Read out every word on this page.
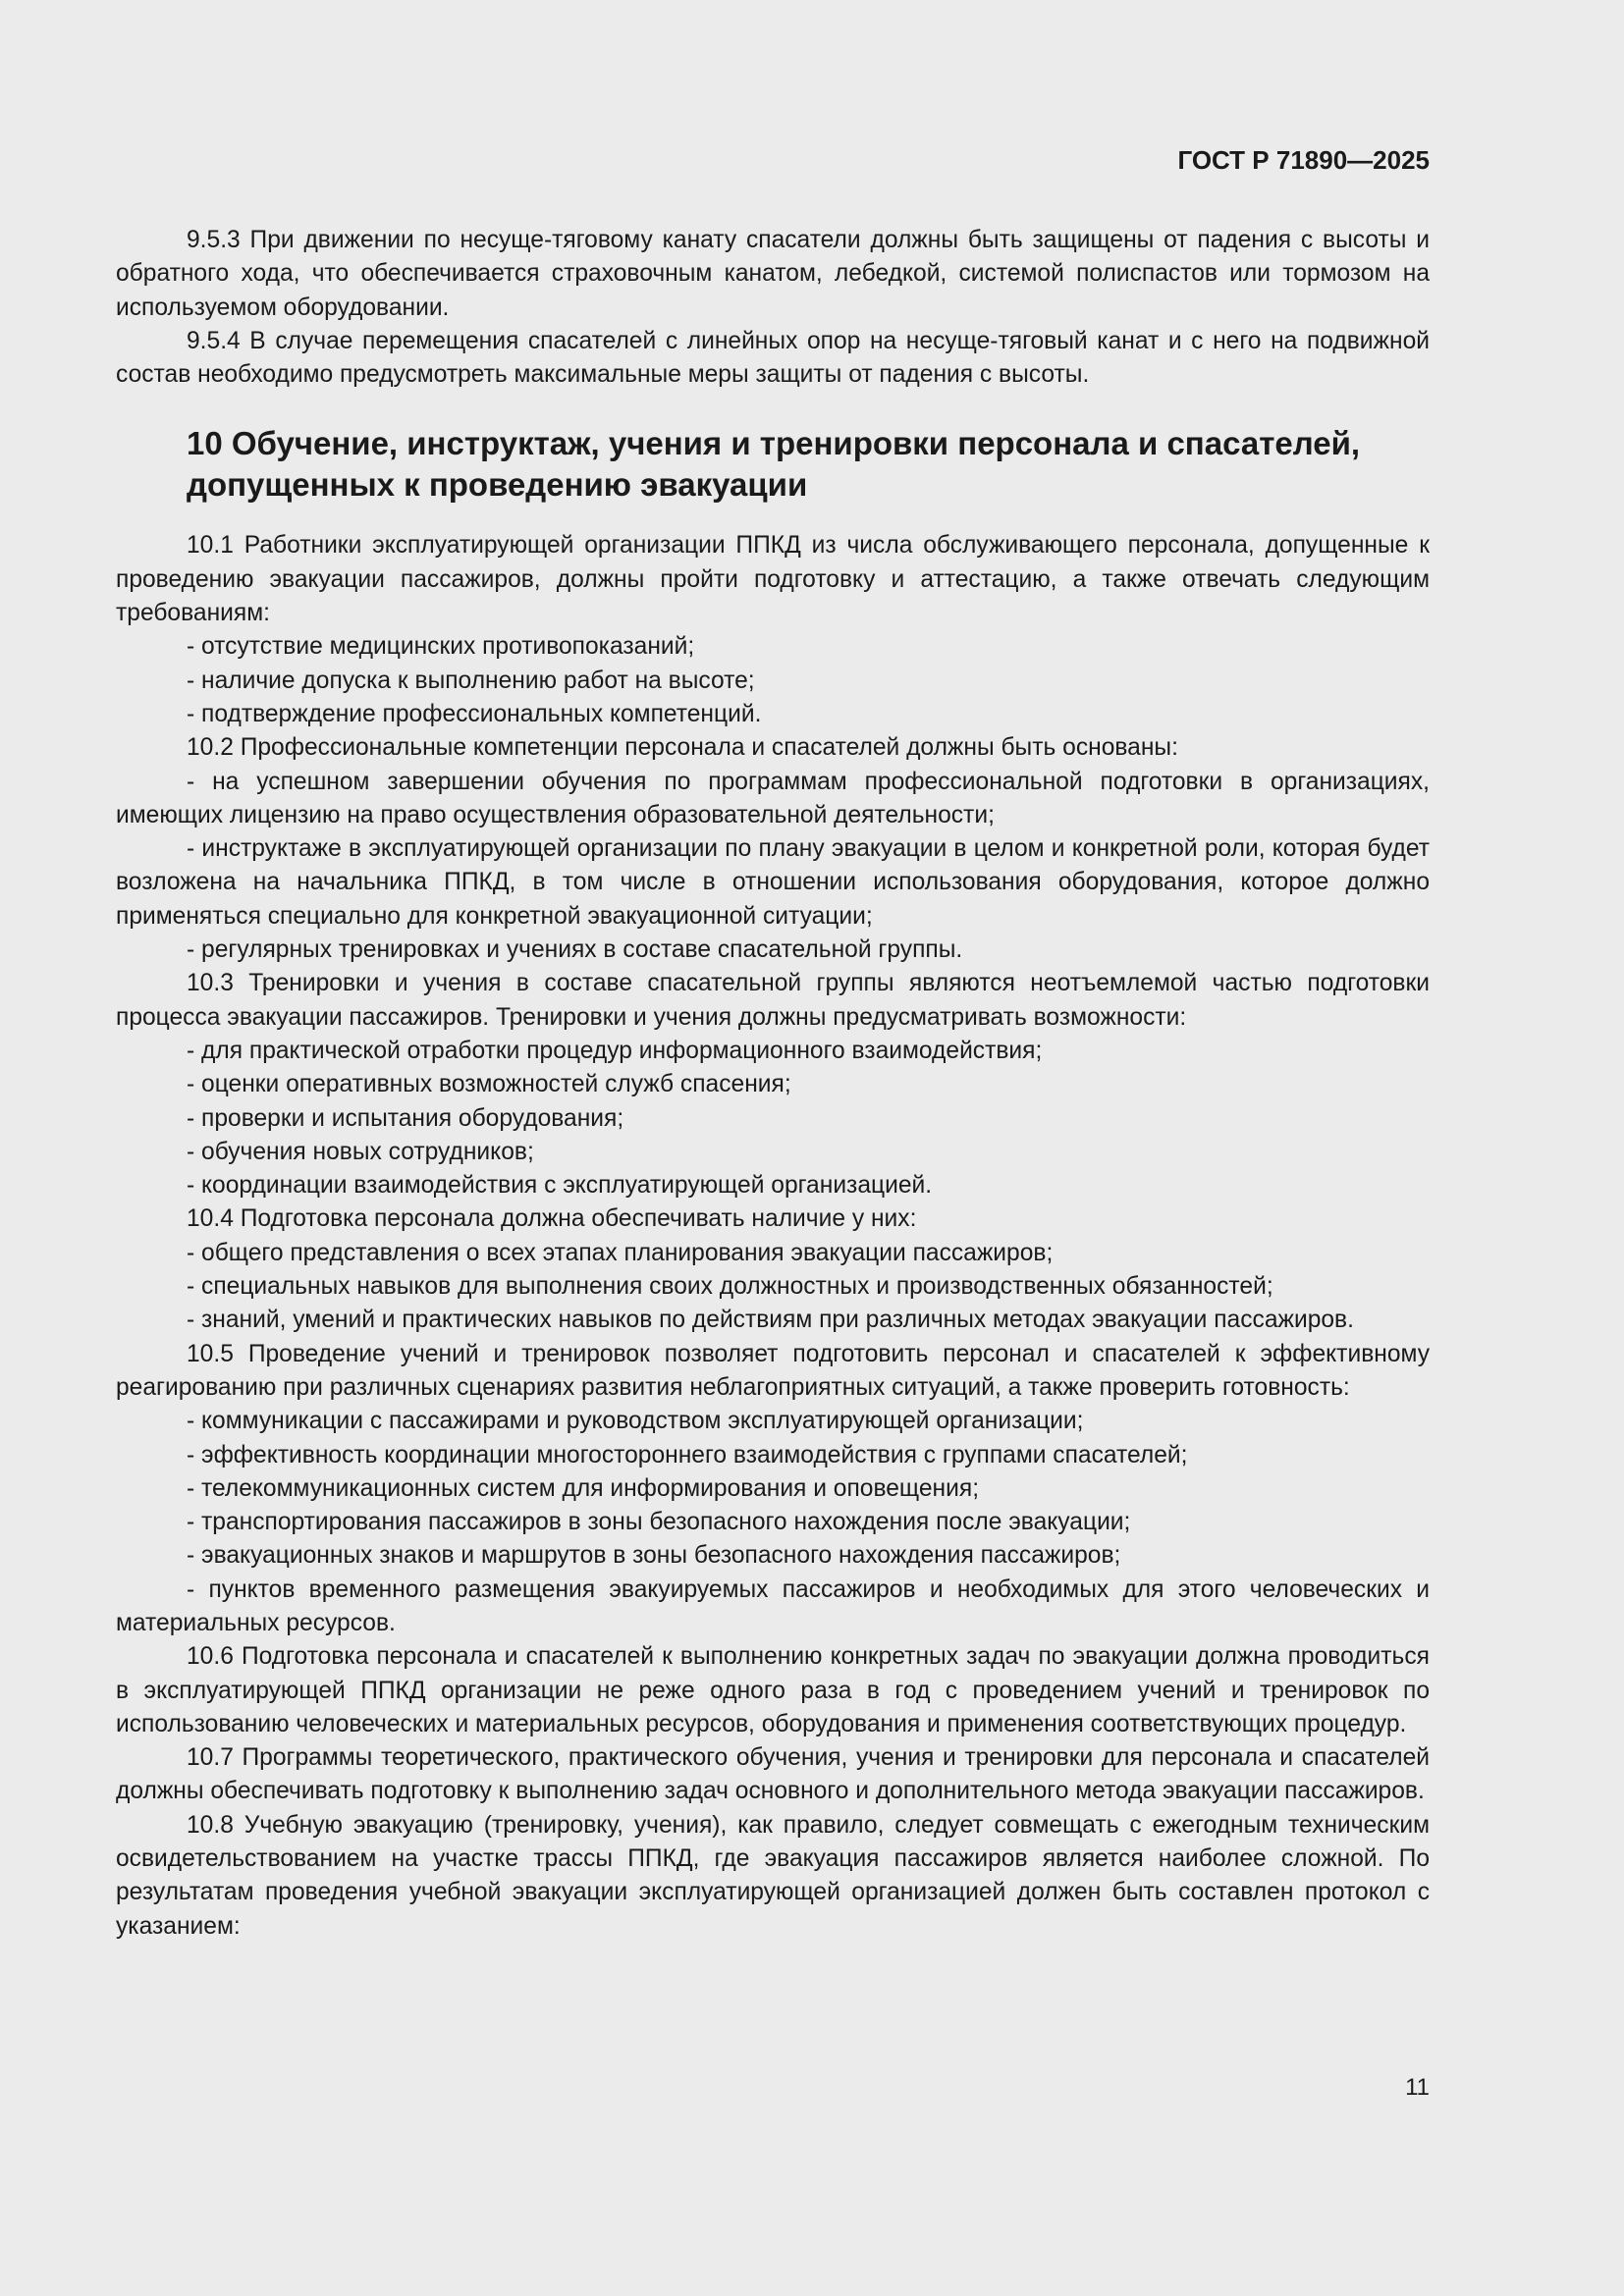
ГОСТ Р 71890—2025

9.5.3 При движении по несуще-тяговому канату спасатели должны быть защищены от падения с высоты и обратного хода, что обеспечивается страховочным канатом, лебедкой, системой полиспастов или тормозом на используемом оборудовании.

9.5.4 В случае перемещения спасателей с линейных опор на несуще-тяговый канат и с него на подвижной состав необходимо предусмотреть максимальные меры защиты от падения с высоты.

10 Обучение, инструктаж, учения и тренировки персонала и спасателей, допущенных к проведению эвакуации

10.1 Работники эксплуатирующей организации ППКД из числа обслуживающего персонала, допущенные к проведению эвакуации пассажиров, должны пройти подготовку и аттестацию, а также отвечать следующим требованиям:

- отсутствие медицинских противопоказаний;

- наличие допуска к выполнению работ на высоте;

- подтверждение профессиональных компетенций.

10.2 Профессиональные компетенции персонала и спасателей должны быть основаны:

- на успешном завершении обучения по программам профессиональной подготовки в организациях, имеющих лицензию на право осуществления образовательной деятельности;

- инструктаже в эксплуатирующей организации по плану эвакуации в целом и конкретной роли, которая будет возложена на начальника ППКД, в том числе в отношении использования оборудования, которое должно применяться специально для конкретной эвакуационной ситуации;

- регулярных тренировках и учениях в составе спасательной группы.

10.3 Тренировки и учения в составе спасательной группы являются неотъемлемой частью подготовки процесса эвакуации пассажиров. Тренировки и учения должны предусматривать возможности:

- для практической отработки процедур информационного взаимодействия;

- оценки оперативных возможностей служб спасения;

- проверки и испытания оборудования;

- обучения новых сотрудников;

- координации взаимодействия с эксплуатирующей организацией.

10.4 Подготовка персонала должна обеспечивать наличие у них:

- общего представления о всех этапах планирования эвакуации пассажиров;

- специальных навыков для выполнения своих должностных и производственных обязанностей;

- знаний, умений и практических навыков по действиям при различных методах эвакуации пассажиров.

10.5 Проведение учений и тренировок позволяет подготовить персонал и спасателей к эффективному реагированию при различных сценариях развития неблагоприятных ситуаций, а также проверить готовность:

- коммуникации с пассажирами и руководством эксплуатирующей организации;

- эффективность координации многостороннего взаимодействия с группами спасателей;

- телекоммуникационных систем для информирования и оповещения;

- транспортирования пассажиров в зоны безопасного нахождения после эвакуации;

- эвакуационных знаков и маршрутов в зоны безопасного нахождения пассажиров;

- пунктов временного размещения эвакуируемых пассажиров и необходимых для этого человеческих и материальных ресурсов.

10.6 Подготовка персонала и спасателей к выполнению конкретных задач по эвакуации должна проводиться в эксплуатирующей ППКД организации не реже одного раза в год с проведением учений и тренировок по использованию человеческих и материальных ресурсов, оборудования и применения соответствующих процедур.

10.7 Программы теоретического, практического обучения, учения и тренировки для персонала и спасателей должны обеспечивать подготовку к выполнению задач основного и дополнительного метода эвакуации пассажиров.

10.8 Учебную эвакуацию (тренировку, учения), как правило, следует совмещать с ежегодным техническим освидетельствованием на участке трассы ППКД, где эвакуация пассажиров является наиболее сложной. По результатам проведения учебной эвакуации эксплуатирующей организацией должен быть составлен протокол с указанием:

11
